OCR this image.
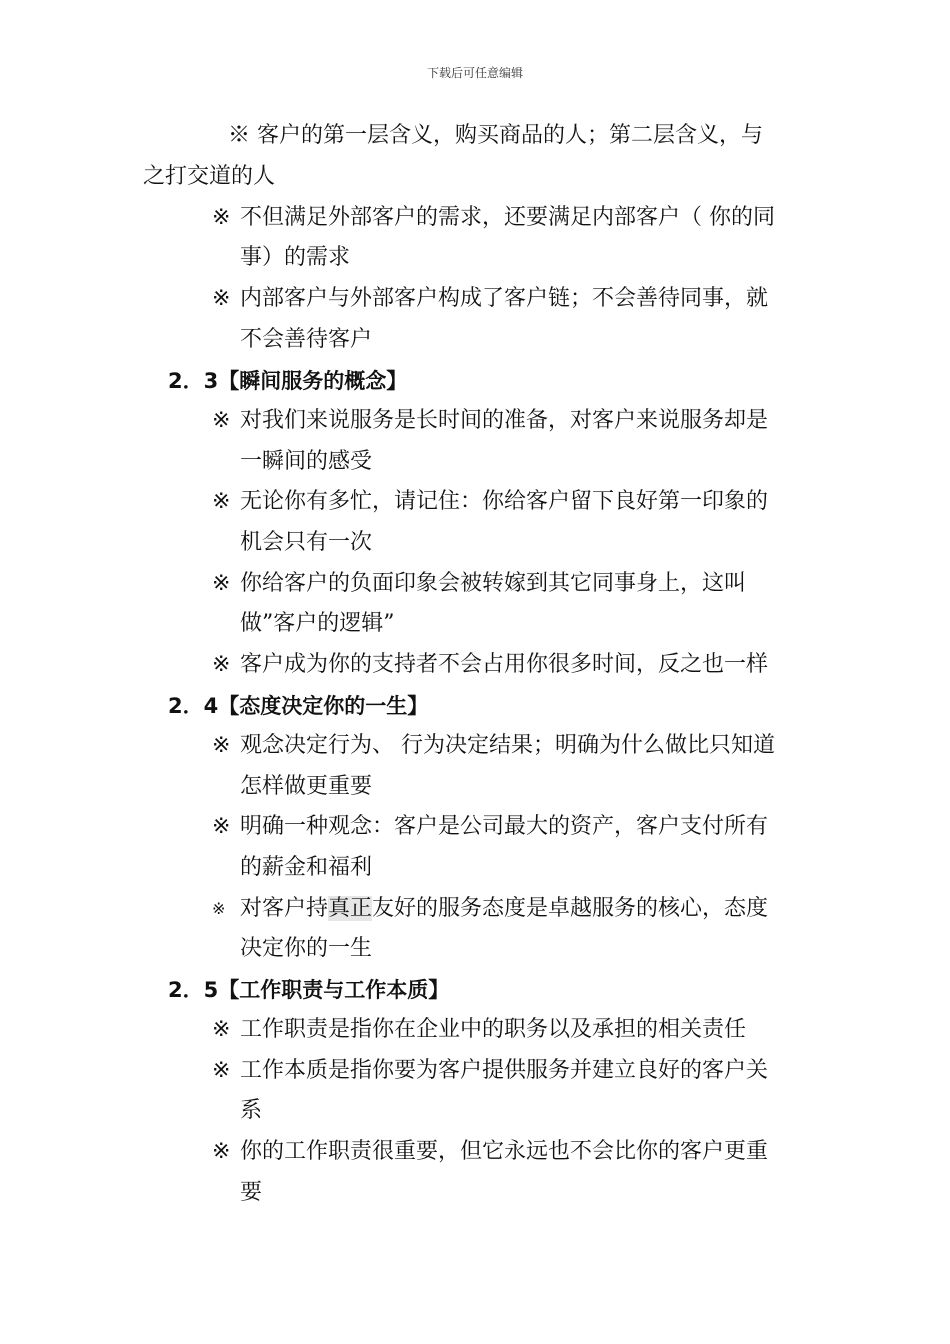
下载后可任意编辑
※ 客户的第一层含义，购买商品的人；第二层含义，与
之打交道的人
※ 不但满足外部客户的需求，还要满足内部客户（ 你的同
事）的需求
※ 内部客户与外部客户构成了客户链；不会善待同事，就
不会善待客户
2．3【瞬间服务的概念】
※ 对我们来说服务是长时间的准备，对客户来说服务却是
一瞬间的感受
※ 无论你有多忙，请记住：你给客户留下良好第一印象的
机会只有一次
※ 你给客户的负面印象会被转嫁到其它同事身上，这叫
做”客户的逻辑”
※ 客户成为你的支持者不会占用你很多时间，反之也一样
2．4【态度决定你的一生】
※ 观念决定行为、 行为决定结果；明确为什么做比只知道
怎样做更重要
※ 明确一种观念：客户是公司最大的资产，客户支付所有
的薪金和福利
※ 对客户持真正友好的服务态度是卓越服务的核心，态度
决定你的一生
2．5【工作职责与工作本质】
※ 工作职责是指你在企业中的职务以及承担的相关责任
※ 工作本质是指你要为客户提供服务并建立良好的客户关
系
※ 你的工作职责很重要，但它永远也不会比你的客户更重
要
